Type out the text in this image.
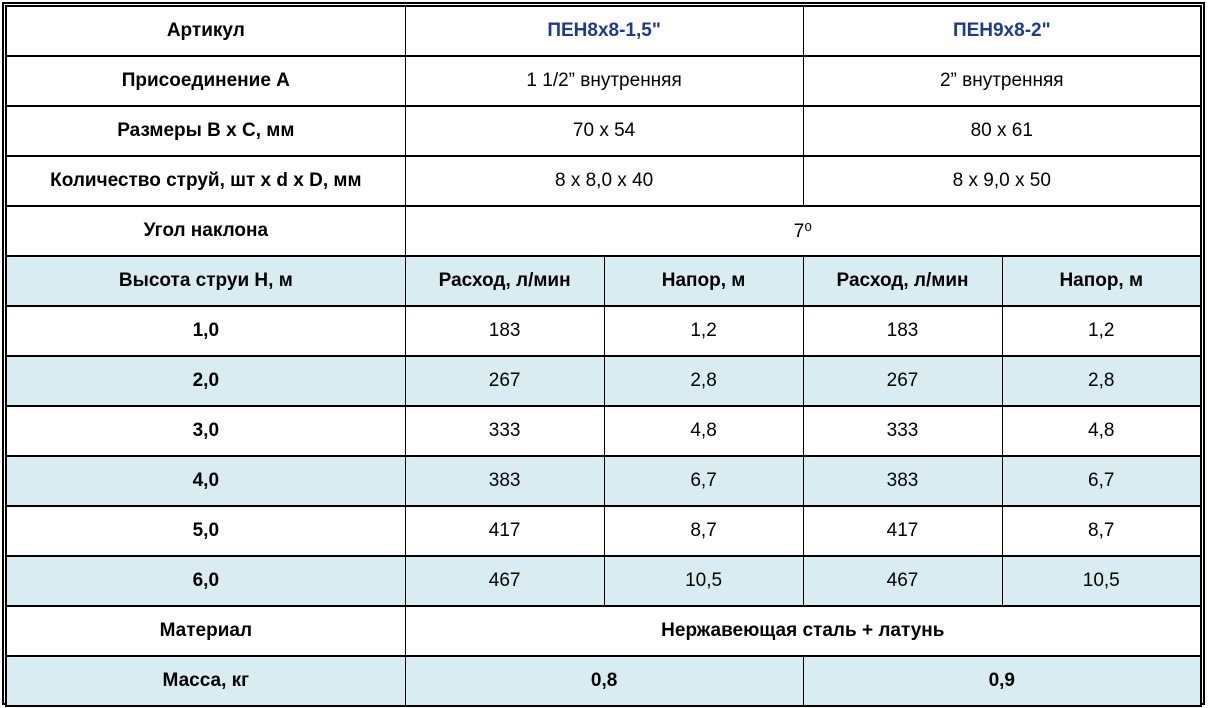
Артикул	ПЕН8х8-1,5"		ПЕН9х8-2"	
Присоединение А	1 1/2” внутренняя		2” внутренняя	
Размеры B x C, мм	70 x 54		80 x 61	
Количество струй, шт x d x D, мм	8 x 8,0 x 40		8 x 9,0 x 50	
Угол наклона	7⁰			
Высота струи H, м	Расход, л/мин	Напор, м	Расход, л/мин	Напор, м
1,0	183	1,2	183	1,2
2,0	267	2,8	267	2,8
3,0	333	4,8	333	4,8
4,0	383	6,7	383	6,7
5,0	417	8,7	417	8,7
6,0	467	10,5	467	10,5
Материал	Нержавеющая сталь + латунь			
Масса, кг	0,8		0,9	
